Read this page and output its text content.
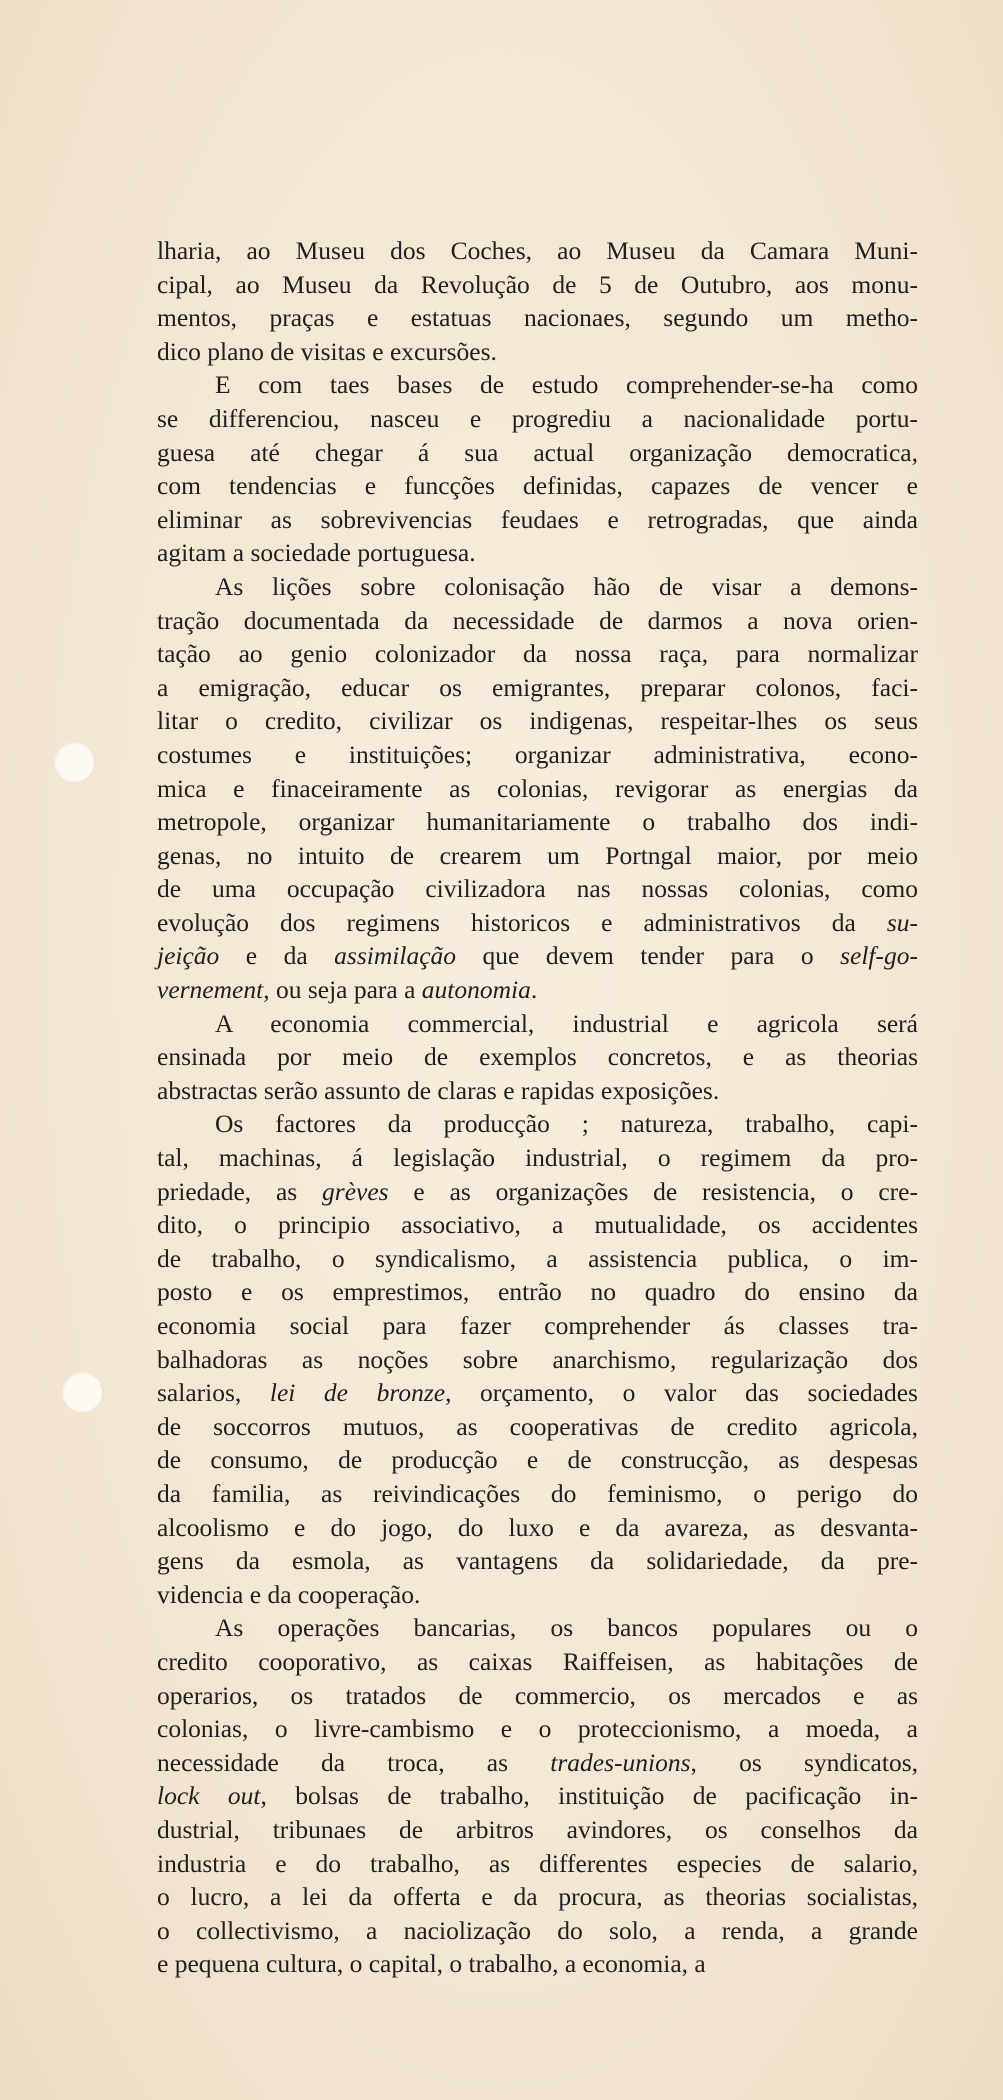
lharia, ao Museu dos Coches, ao Museu da Camara Muni-
cipal, ao Museu da Revolução de 5 de Outubro, aos monu-
mentos, praças e estatuas nacionaes, segundo um metho-
dico plano de visitas e excursões.
E com taes bases de estudo comprehender-se-ha como
se differenciou, nasceu e progrediu a nacionalidade portu-
guesa até chegar á sua actual organização democratica,
com tendencias e funcções definidas, capazes de vencer e
eliminar as sobrevivencias feudaes e retrogradas, que ainda
agitam a sociedade portuguesa.
As lições sobre colonisação hão de visar a demons-
tração documentada da necessidade de darmos a nova orien-
tação ao genio colonizador da nossa raça, para normalizar
a emigração, educar os emigrantes, preparar colonos, faci-
litar o credito, civilizar os indigenas, respeitar-lhes os seus
costumes e instituições; organizar administrativa, econo-
mica e finaceiramente as colonias, revigorar as energias da
metropole, organizar humanitariamente o trabalho dos indi-
genas, no intuito de crearem um Portngal maior, por meio
de uma occupação civilizadora nas nossas colonias, como
evolução dos regimens historicos e administrativos da su-
jeição e da assimilação que devem tender para o self-go-
vernement, ou seja para a autonomia.
A economia commercial, industrial e agricola será
ensinada por meio de exemplos concretos, e as theorias
abstractas serão assunto de claras e rapidas exposições.
Os factores da producção ; natureza, trabalho, capi-
tal, machinas, á legislação industrial, o regimem da pro-
priedade, as grèves e as organizações de resistencia, o cre-
dito, o principio associativo, a mutualidade, os accidentes
de trabalho, o syndicalismo, a assistencia publica, o im-
posto e os emprestimos, entrão no quadro do ensino da
economia social para fazer comprehender ás classes tra-
balhadoras as noções sobre anarchismo, regularização dos
salarios, lei de bronze, orçamento, o valor das sociedades
de soccorros mutuos, as cooperativas de credito agricola,
de consumo, de producção e de construcção, as despesas
da familia, as reivindicações do feminismo, o perigo do
alcoolismo e do jogo, do luxo e da avareza, as desvanta-
gens da esmola, as vantagens da solidariedade, da pre-
videncia e da cooperação.
As operações bancarias, os bancos populares ou o
credito cooporativo, as caixas Raiffeisen, as habitações de
operarios, os tratados de commercio, os mercados e as
colonias, o livre-cambismo e o proteccionismo, a moeda, a
necessidade da troca, as trades-unions, os syndicatos,
lock out, bolsas de trabalho, instituição de pacificação in-
dustrial, tribunaes de arbitros avindores, os conselhos da
industria e do trabalho, as differentes especies de salario,
o lucro, a lei da offerta e da procura, as theorias socialistas,
o collectivismo, a naciolização do solo, a renda, a grande
e pequena cultura, o capital, o trabalho, a economia, a
